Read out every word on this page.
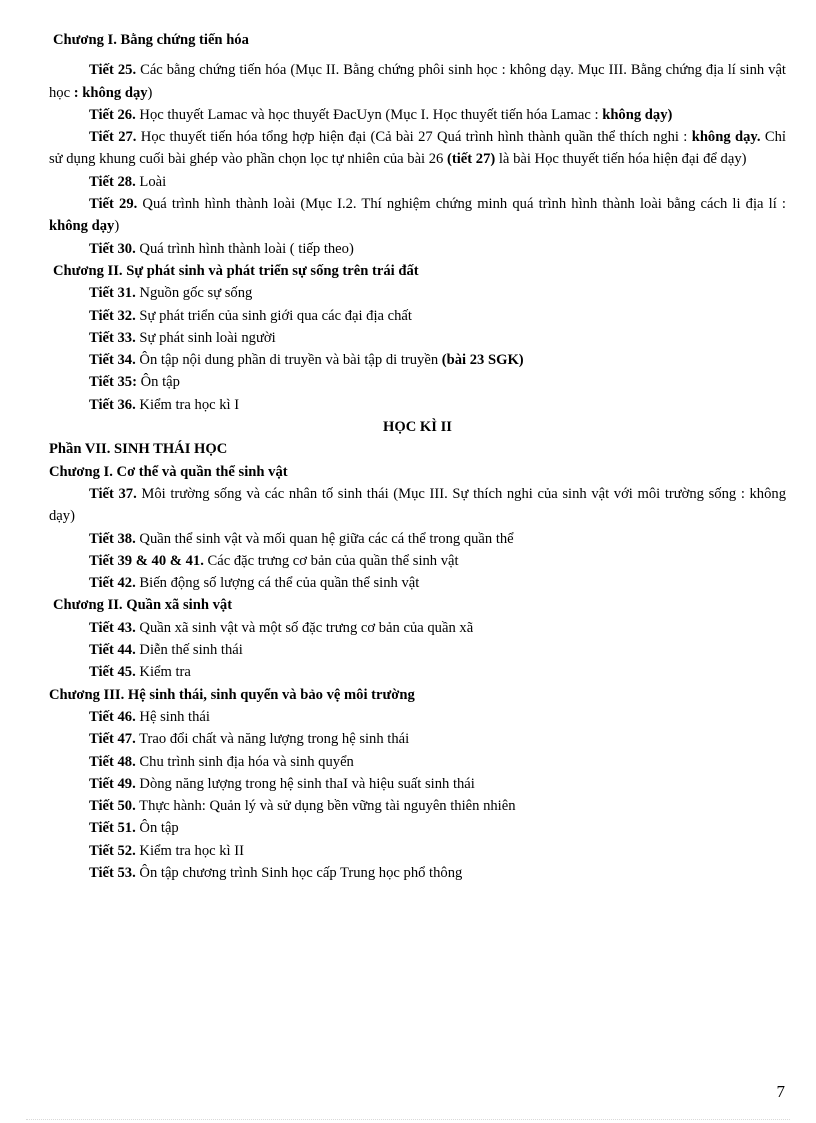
Chương I. Bằng chứng tiến hóa
Tiết 25. Các bằng chứng tiến hóa (Mục II. Bằng chứng phôi sinh học : không dạy. Mục III. Bằng chứng địa lí sinh vật học : không dạy)
Tiết 26. Học thuyết Lamac và học thuyết ĐacUyn (Mục I. Học thuyết tiến hóa Lamac : không dạy)
Tiết 27. Học thuyết tiến hóa tổng hợp hiện đại (Cả bài 27 Quá trình hình thành quần thể thích nghi : không dạy. Chỉ sử dụng khung cuối bài ghép vào phần chọn lọc tự nhiên của bài 26 (tiết 27) là bài Học thuyết tiến hóa hiện đại để dạy)
Tiết 28. Loài
Tiết 29. Quá trình hình thành loài (Mục I.2. Thí nghiệm chứng minh quá trình hình thành loài bằng cách li địa lí : không dạy)
Tiết 30. Quá trình hình thành loài ( tiếp theo)
Chương II. Sự phát sinh và phát triển sự sống trên trái đất
Tiết 31. Nguồn gốc sự sống
Tiết 32. Sự phát triển của sinh giới qua các đại địa chất
Tiết 33. Sự phát sinh loài người
Tiết 34. Ôn tập nội dung phần di truyền và bài tập di truyền (bài 23 SGK)
Tiết 35: Ôn tập
Tiết 36. Kiểm tra học kì I
HỌC KÌ II
Phần VII. SINH THÁI HỌC
Chương I. Cơ thể và quần thể sinh vật
Tiết 37. Môi trường sống và các nhân tố sinh thái (Mục III. Sự thích nghi của sinh vật với môi trường sống : không dạy)
Tiết 38. Quần thể sinh vật và mối quan hệ giữa các cá thể trong quần thể
Tiết 39 & 40 & 41. Các đặc trưng cơ bản của quần thể sinh vật
Tiết 42. Biến động số lượng cá thể của quần thể sinh vật
Chương II. Quần xã sinh vật
Tiết 43. Quần xã sinh vật và một số đặc trưng cơ bản của quần xã
Tiết 44. Diễn thế sinh thái
Tiết 45. Kiểm tra
Chương III. Hệ sinh thái, sinh quyển và bảo vệ môi trường
Tiết 46. Hệ sinh thái
Tiết 47. Trao đổi chất và năng lượng trong hệ sinh thái
Tiết 48. Chu trình sinh địa hóa và sinh quyển
Tiết 49. Dòng năng lượng trong hệ sinh thaI và hiệu suất sinh thái
Tiết 50. Thực hành: Quản lý và sử dụng bền vững tài nguyên thiên nhiên
Tiết 51. Ôn tập
Tiết 52. Kiểm tra học kì II
Tiết 53. Ôn tập chương trình Sinh học cấp Trung học phổ thông
7
